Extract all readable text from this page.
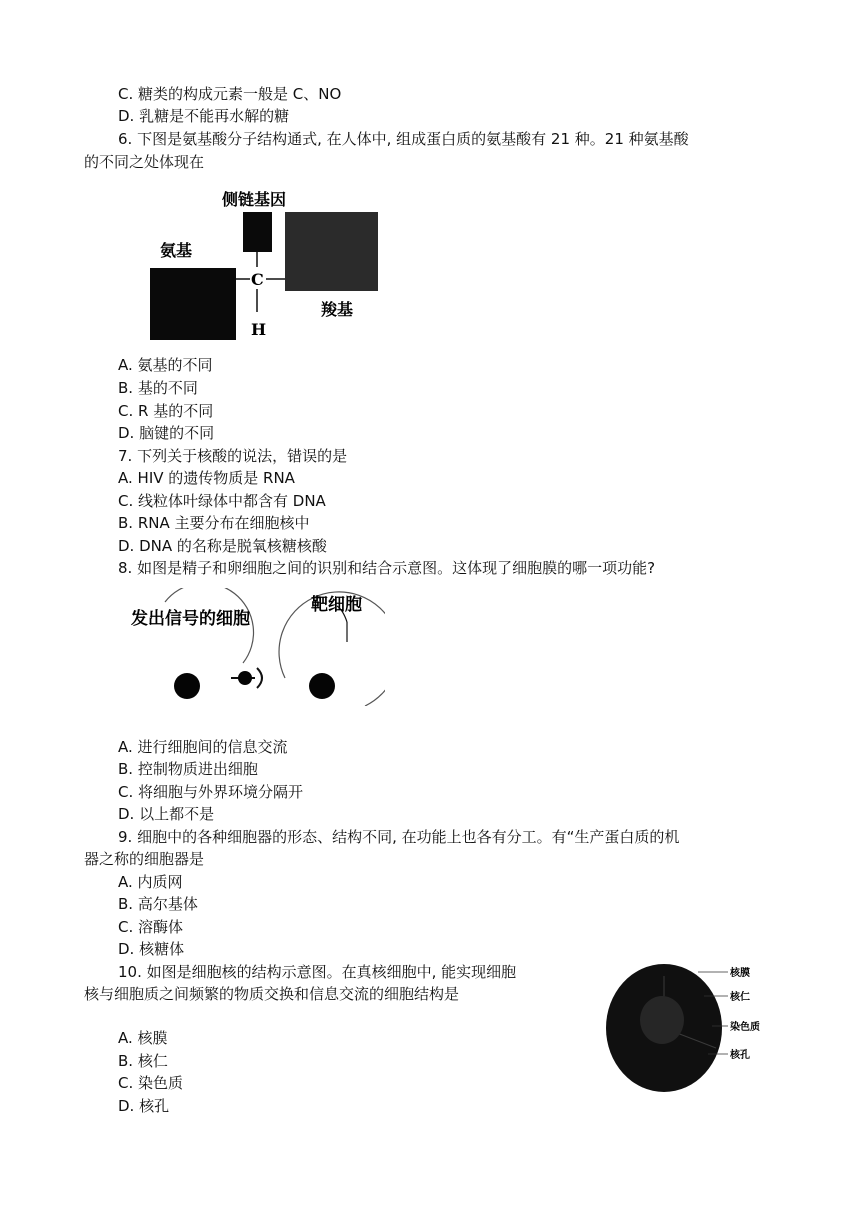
C. 糖类的构成元素一般是 C、NO
D. 乳糖是不能再水解的糖
6. 下图是氨基酸分子结构通式, 在人体中, 组成蛋白质的氨基酸有 21 种。21 种氨基酸
的不同之处体现在
侧链基因
氨基
C
H
羧基
A. 氨基的不同
B. 基的不同
C. R 基的不同
D. 脑键的不同
7. 下列关于核酸的说法，错误的是
A. HIV 的遗传物质是 RNA
C. 线粒体叶绿体中都含有 DNA
B. RNA 主要分布在细胞核中
D. DNA 的名称是脱氧核糖核酸
8. 如图是精子和卵细胞之间的识别和结合示意图。这体现了细胞膜的哪一项功能?
发出信号的细胞
靶细胞
A. 进行细胞间的信息交流
B. 控制物质进出细胞
C. 将细胞与外界环境分隔开
D. 以上都不是
9. 细胞中的各种细胞器的形态、结构不同, 在功能上也各有分工。有“生产蛋白质的机
器之称的细胞器是
A. 内质网
B. 高尔基体
C. 溶酶体
D. 核糖体
10. 如图是细胞核的结构示意图。在真核细胞中, 能实现细胞
核与细胞质之间频繁的物质交换和信息交流的细胞结构是
核膜
核仁
染色质
核孔
A. 核膜
B. 核仁
C. 染色质
D. 核孔
